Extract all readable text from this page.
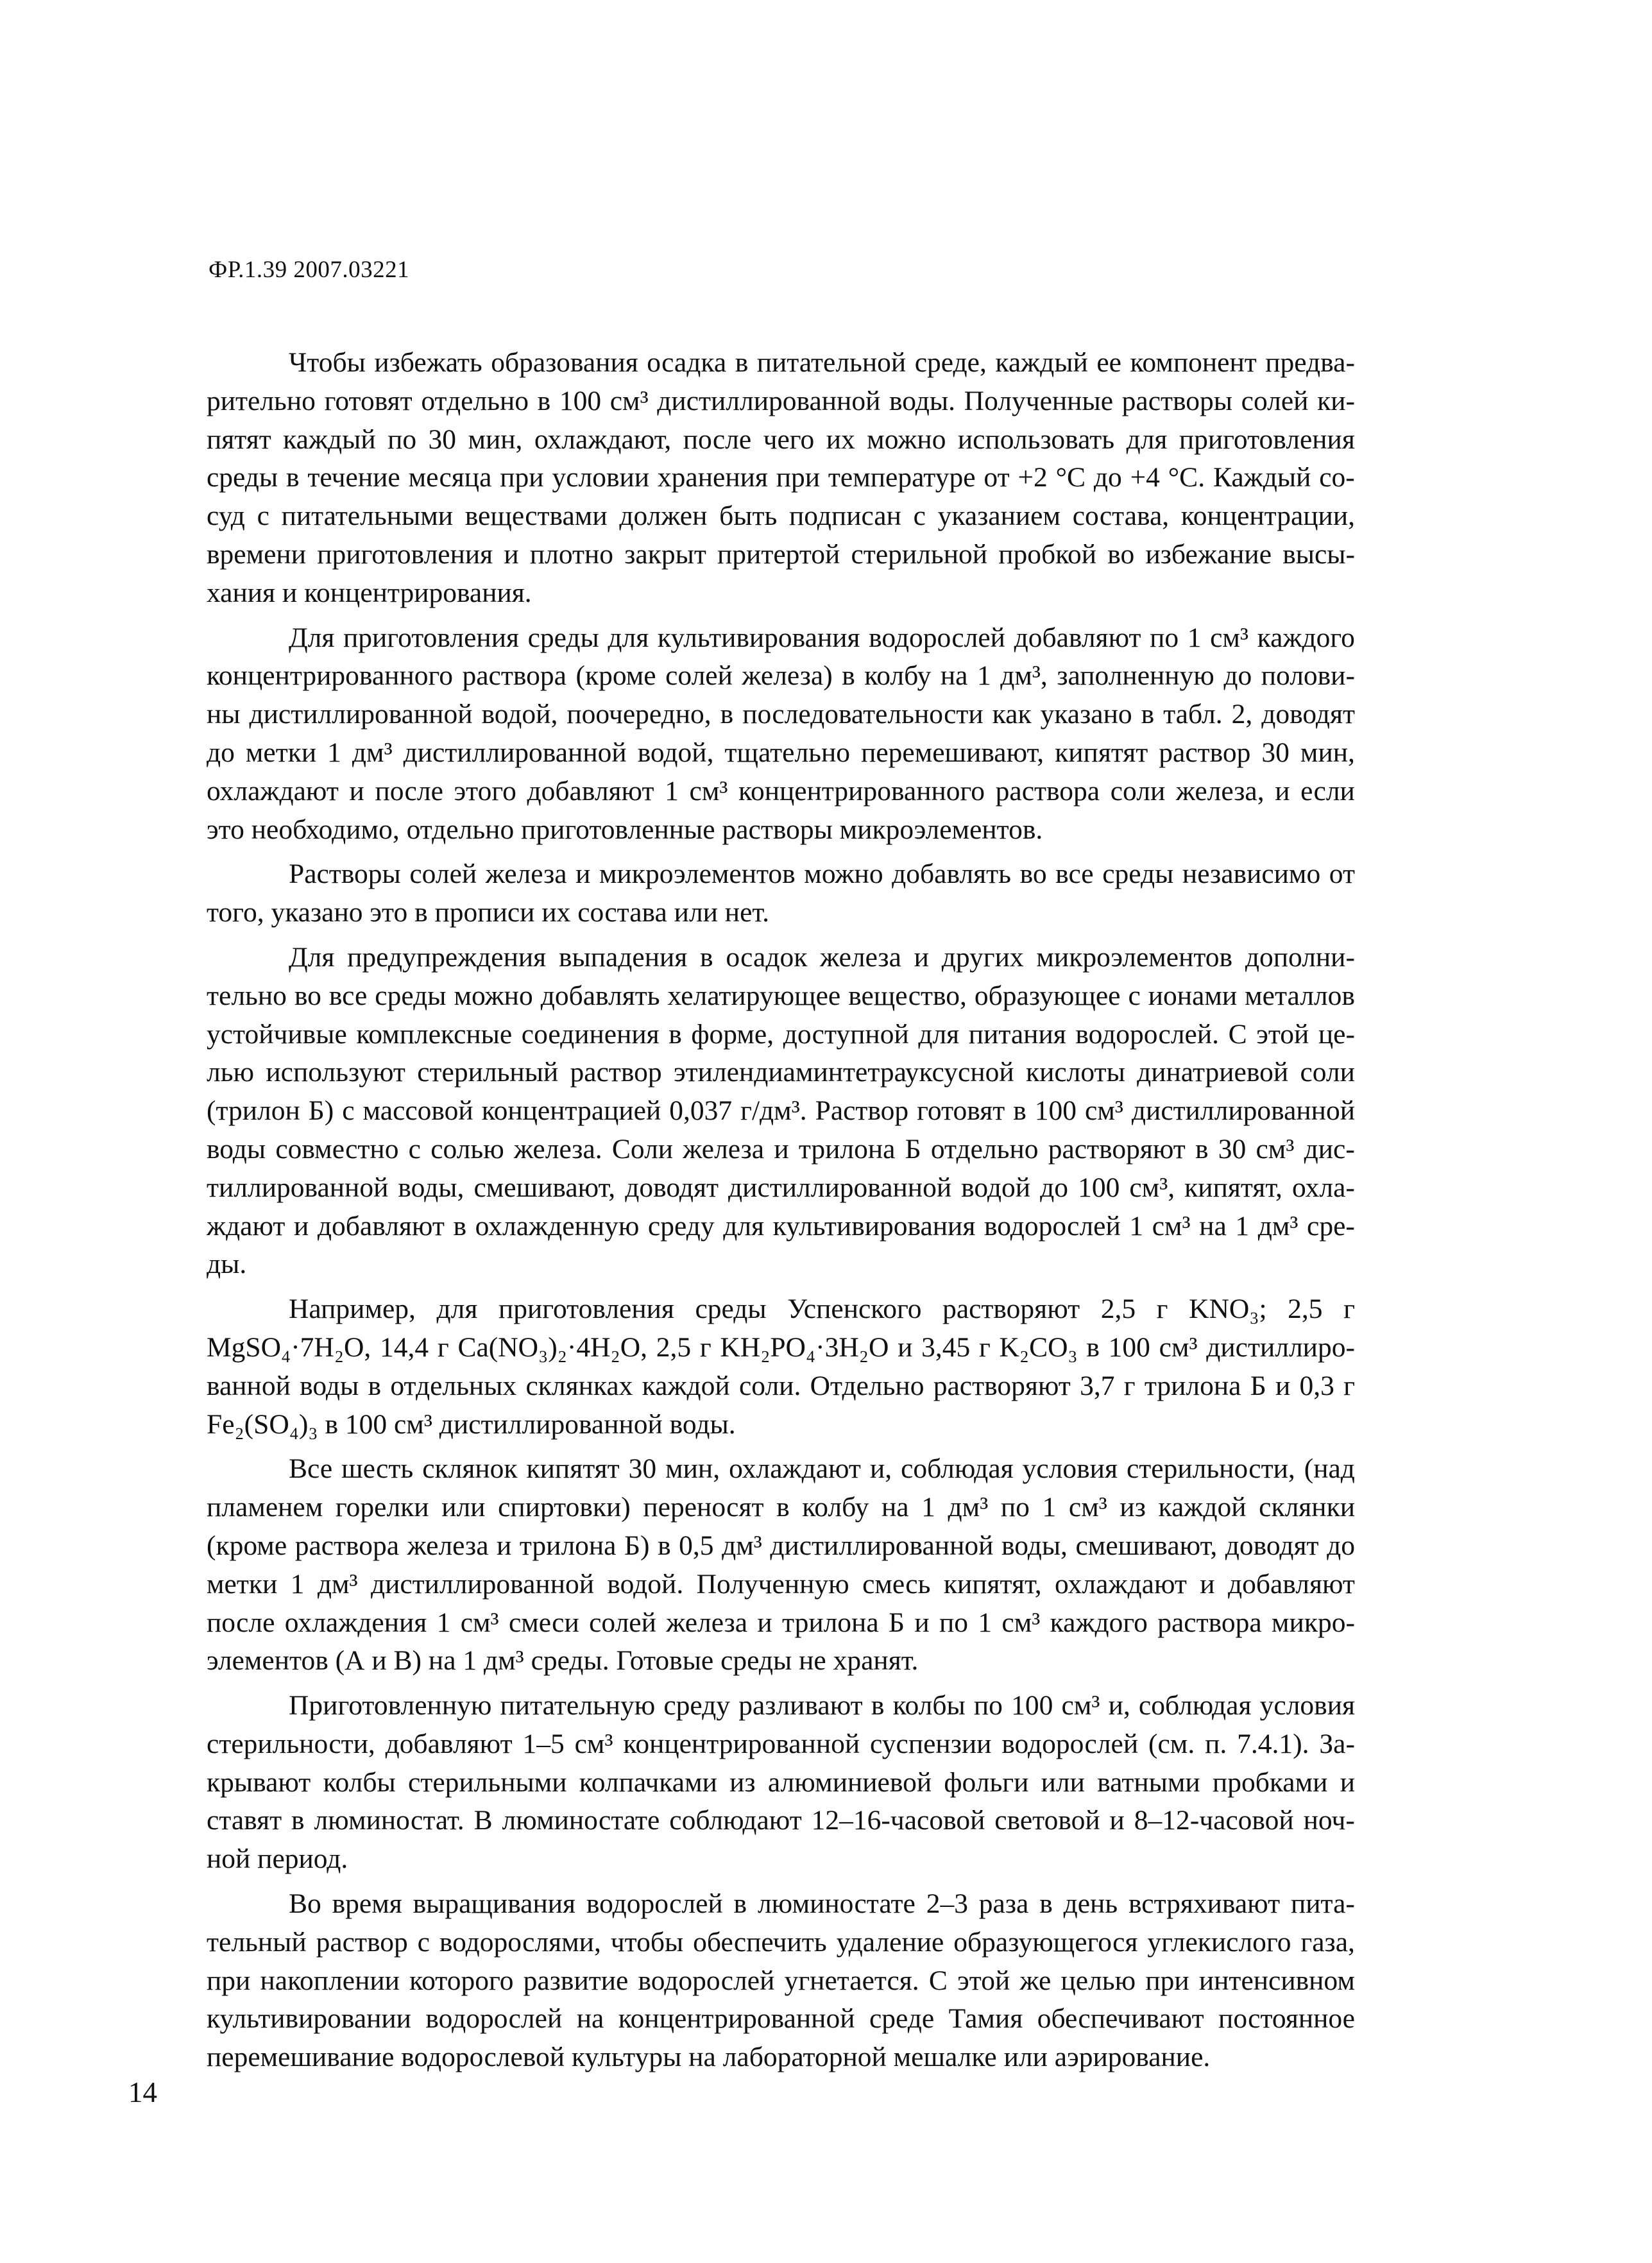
ФР.1.39 2007.03221

Чтобы избежать образования осадка в питательной среде, каждый ее компонент предва-
рительно готовят отдельно в 100 см³ дистиллированной воды. Полученные растворы солей ки-
пятят каждый по 30 мин, охлаждают, после чего их можно использовать для приготовления
среды в течение месяца при условии хранения при температуре от +2 °С до +4 °С. Каждый со-
суд с питательными веществами должен быть подписан с указанием состава, концентрации,
времени приготовления и плотно закрыт притертой стерильной пробкой во избежание высы-
хания и концентрирования.

Для приготовления среды для культивирования водорослей добавляют по 1 см³ каждого
концентрированного раствора (кроме солей железа) в колбу на 1 дм³, заполненную до полови-
ны дистиллированной водой, поочередно, в последовательности как указано в табл. 2, доводят
до метки 1 дм³ дистиллированной водой, тщательно перемешивают, кипятят раствор 30 мин,
охлаждают и после этого добавляют 1 см³ концентрированного раствора соли железа, и если
это необходимо, отдельно приготовленные растворы микроэлементов.

Растворы солей железа и микроэлементов можно добавлять во все среды независимо от
того, указано это в прописи их состава или нет.

Для предупреждения выпадения в осадок железа и других микроэлементов дополни-
тельно во все среды можно добавлять хелатирующее вещество, образующее с ионами металлов
устойчивые комплексные соединения в форме, доступной для питания водорослей. С этой це-
лью используют стерильный раствор этилендиаминтетрауксусной кислоты динатриевой соли
(трилон Б) с массовой концентрацией 0,037 г/дм³. Раствор готовят в 100 см³ дистиллированной
воды совместно с солью железа. Соли железа и трилона Б отдельно растворяют в 30 см³ дис-
тиллированной воды, смешивают, доводят дистиллированной водой до 100 см³, кипятят, охла-
ждают и добавляют в охлажденную среду для культивирования водорослей 1 см³ на 1 дм³ сре-
ды.

Например, для приготовления среды Успенского растворяют 2,5 г KNO₃; 2,5 г
MgSO₄·7H₂O, 14,4 г Ca(NO₃)₂·4H₂O, 2,5 г KH₂PO₄·3H₂O и 3,45 г K₂CO₃ в 100 см³ дистиллиро-
ванной воды в отдельных склянках каждой соли. Отдельно растворяют 3,7 г трилона Б и 0,3 г
Fe₂(SO₄)₃ в 100 см³ дистиллированной воды.

Все шесть склянок кипятят 30 мин, охлаждают и, соблюдая условия стерильности, (над
пламенем горелки или спиртовки) переносят в колбу на 1 дм³ по 1 см³ из каждой склянки
(кроме раствора железа и трилона Б) в 0,5 дм³ дистиллированной воды, смешивают, доводят до
метки 1 дм³ дистиллированной водой. Полученную смесь кипятят, охлаждают и добавляют
после охлаждения 1 см³ смеси солей железа и трилона Б и по 1 см³ каждого раствора микро-
элементов (А и В) на 1 дм³ среды. Готовые среды не хранят.

Приготовленную питательную среду разливают в колбы по 100 см³ и, соблюдая условия
стерильности, добавляют 1–5 см³ концентрированной суспензии водорослей (см. п. 7.4.1). За-
крывают колбы стерильными колпачками из алюминиевой фольги или ватными пробками и
ставят в люминостат. В люминостате соблюдают 12–16-часовой световой и 8–12-часовой ноч-
ной период.

Во время выращивания водорослей в люминостате 2–3 раза в день встряхивают пита-
тельный раствор с водорослями, чтобы обеспечить удаление образующегося углекислого газа,
при накоплении которого развитие водорослей угнетается. С этой же целью при интенсивном
культивировании водорослей на концентрированной среде Тамия обеспечивают постоянное
перемешивание водорослевой культуры на лабораторной мешалке или аэрирование.

14
